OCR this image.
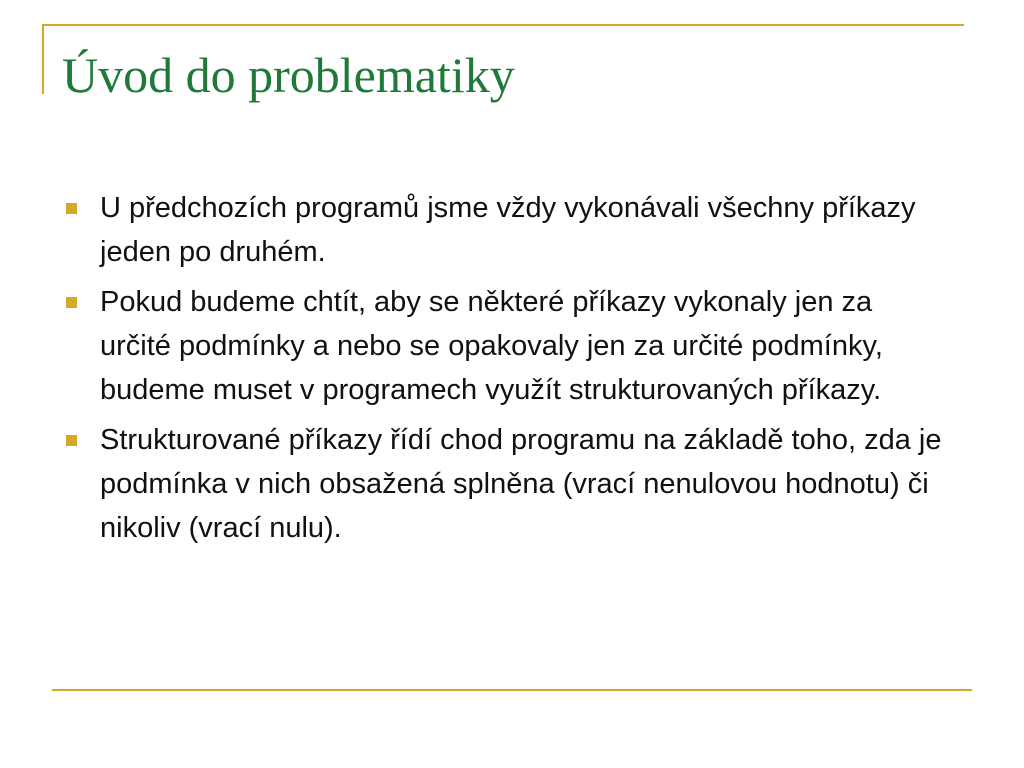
Úvod do problematiky
U předchozích programů jsme vždy vykonávali všechny příkazy jeden po druhém.
Pokud budeme chtít, aby se některé příkazy vykonaly jen za určité podmínky a nebo se opakovaly jen za určité podmínky, budeme muset v programech využít strukturovaných příkazy.
Strukturované příkazy řídí chod programu na základě toho, zda je podmínka v nich obsažená splněna (vrací nenulovou hodnotu) či nikoliv (vrací nulu).
